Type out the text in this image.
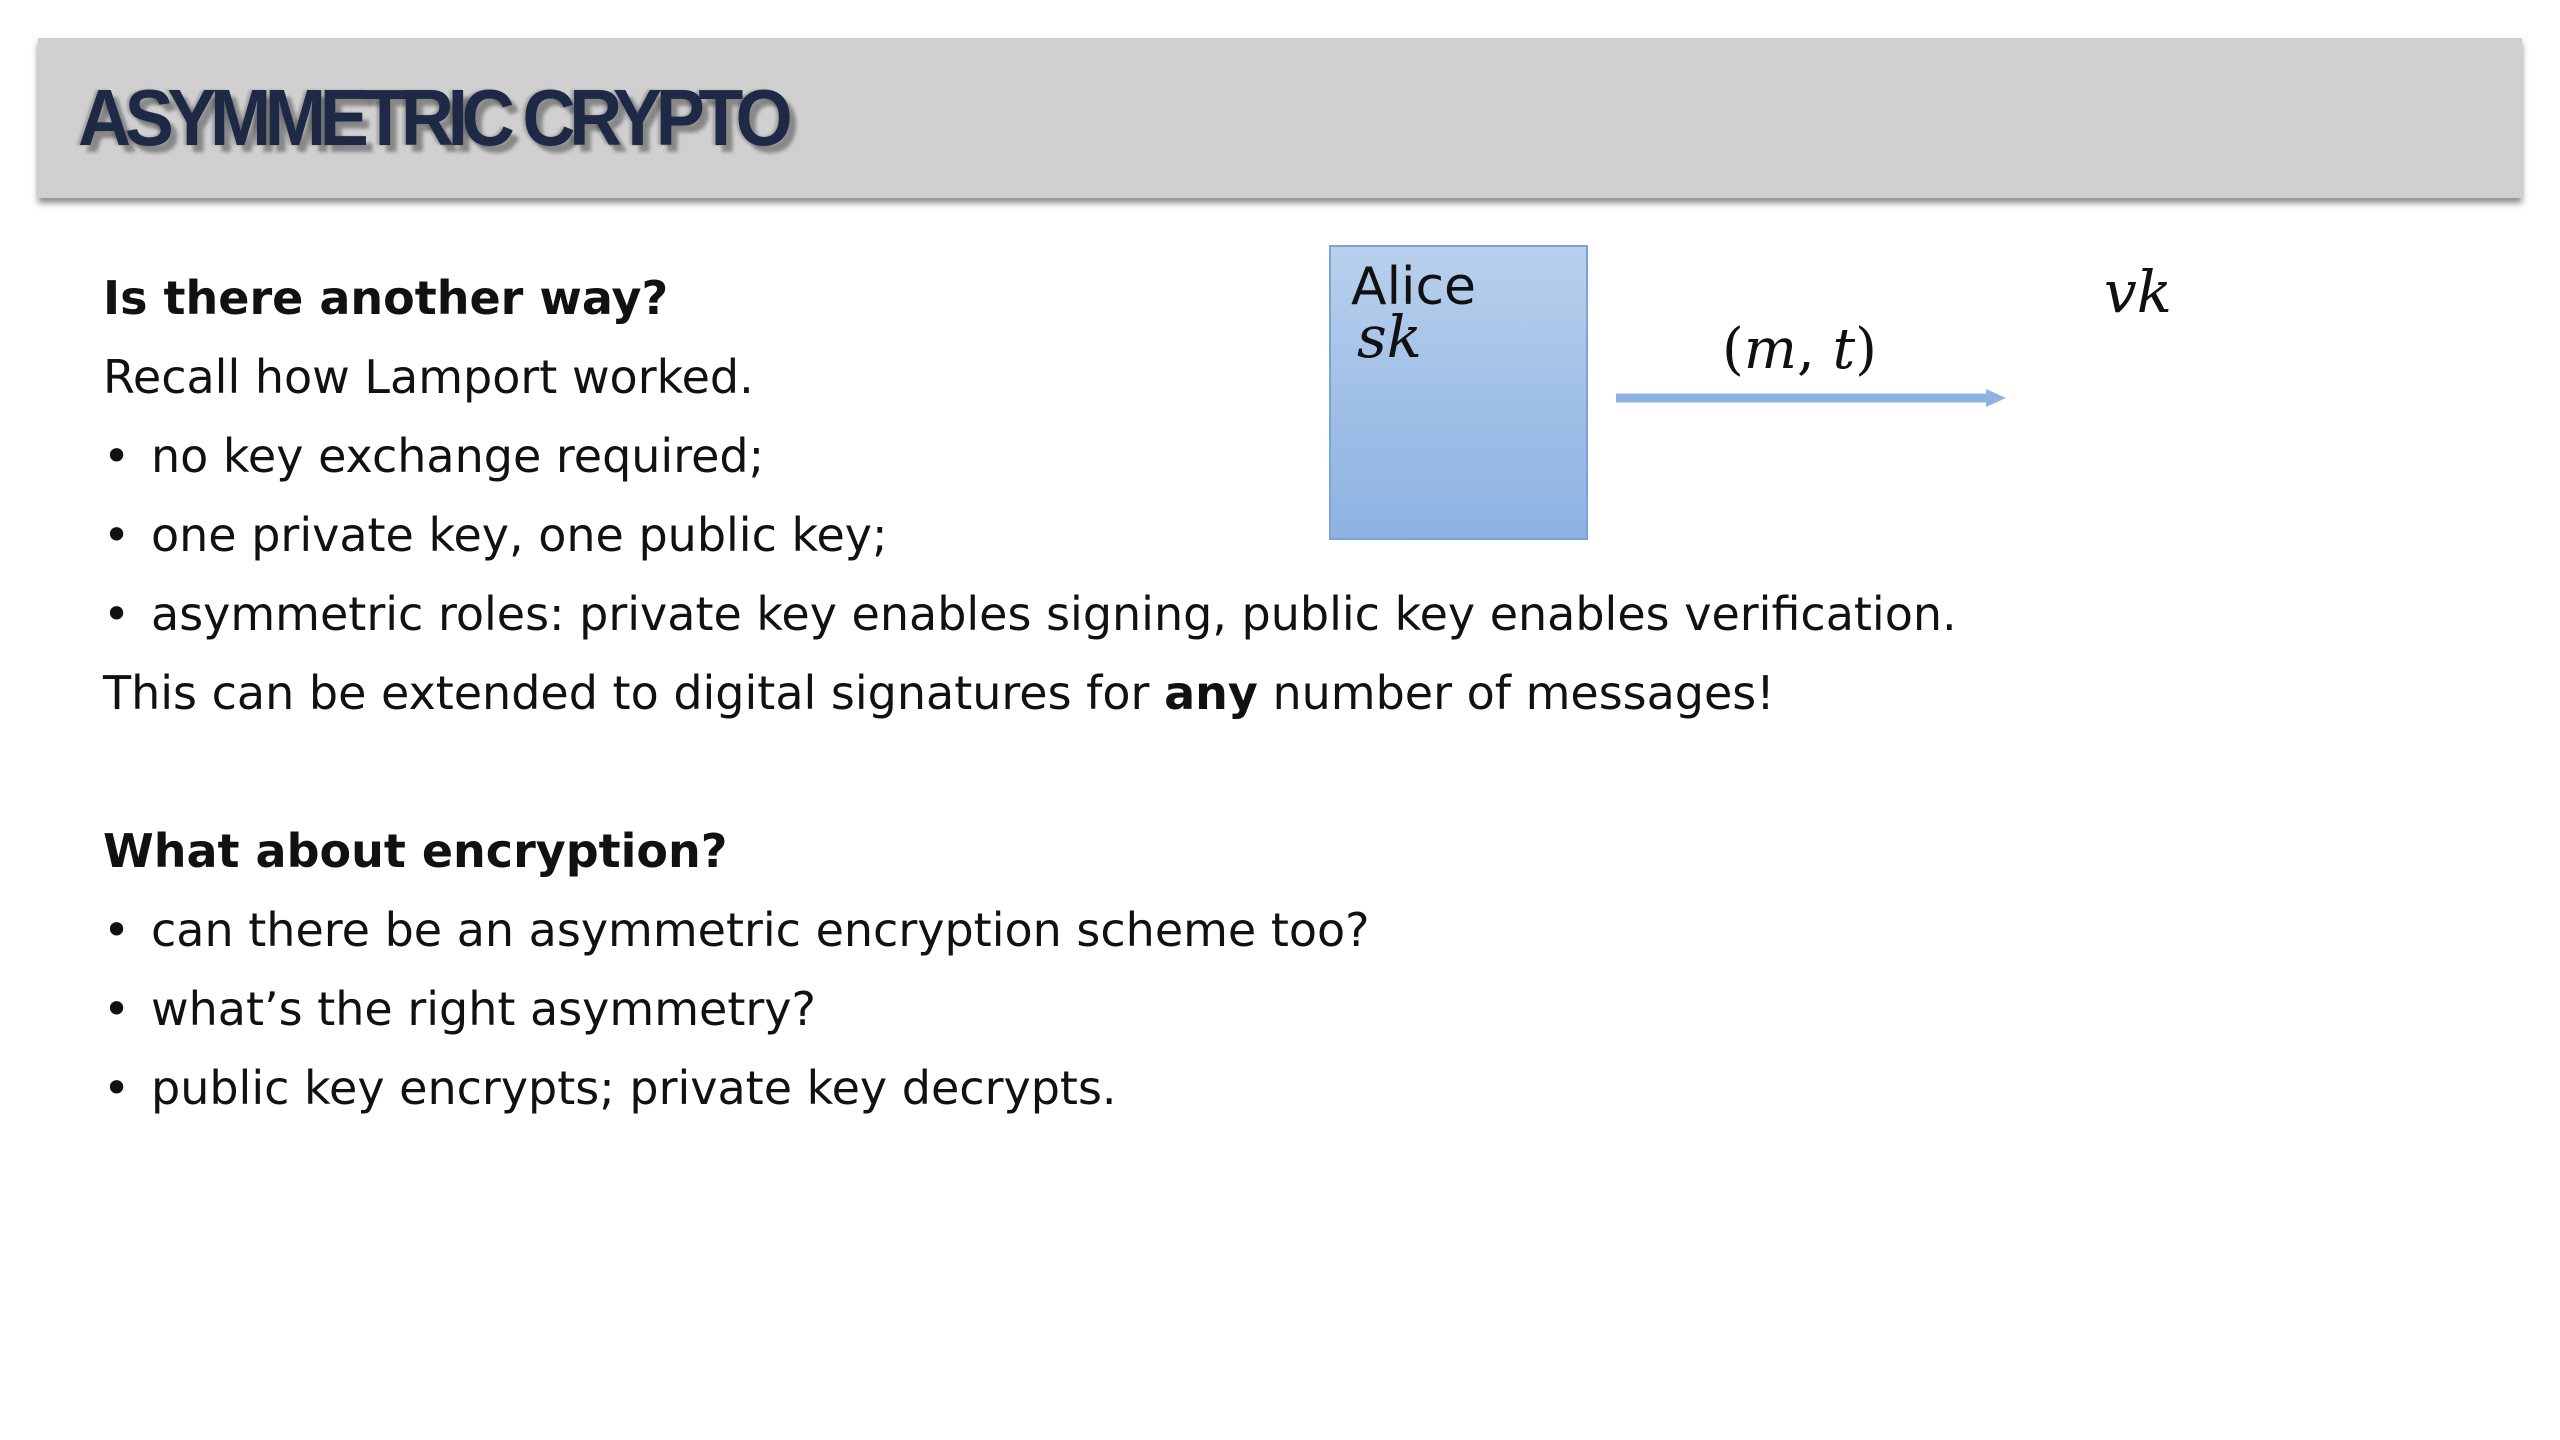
ASYMMETRIC CRYPTO
Is there another way?
Recall how Lamport worked.
• no key exchange required;
• one private key, one public key;
• asymmetric roles: private key enables signing, public key enables verification.
This can be extended to digital signatures for any number of messages!
What about encryption?
• can there be an asymmetric encryption scheme too?
• what’s the right asymmetry?
• public key encrypts; private key decrypts.
Alice
sk	(m, t)
vk
